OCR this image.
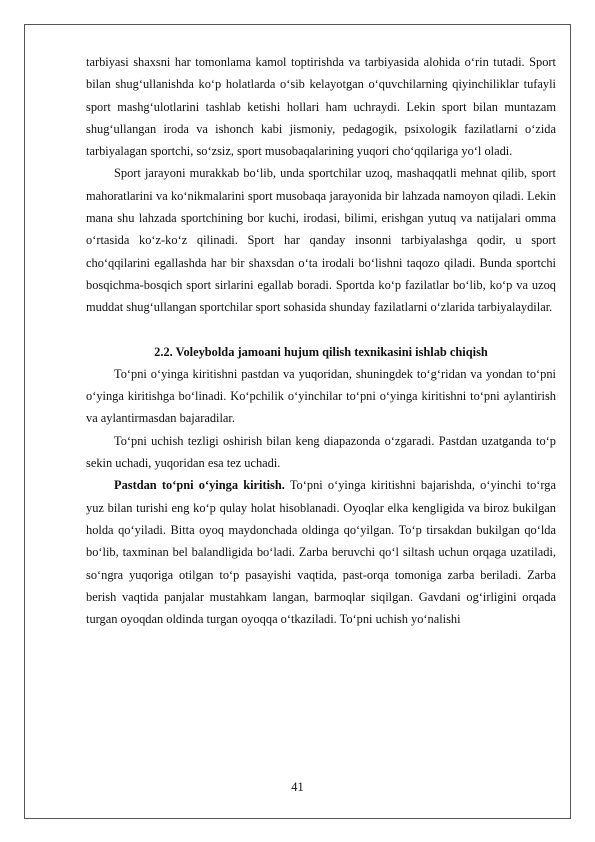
tarbiyasi shaxsni har tomonlama kamol toptirishda va tarbiyasida alohida o‘rin tutadi. Sport bilan shug‘ullanishda ko‘p holatlarda o‘sib kelayotgan o‘quvchilarning qiyinchiliklar tufayli sport mashg‘ulotlarini tashlab ketishi hollari ham uchraydi. Lekin sport bilan muntazam shug‘ullangan iroda va ishonch kabi jismoniy, pedagogik, psixologik fazilatlarni o‘zida tarbiyalagan sportchi, so‘zsiz, sport musobaqalarining yuqori cho‘qqilariga yo‘l oladi.

Sport jarayoni murakkab bo‘lib, unda sportchilar uzoq, mashaqqatli mehnat qilib, sport mahoratlarini va ko‘nikmalarini sport musobaqa jarayonida bir lahzada namoyon qiladi. Lekin mana shu lahzada sportchining bor kuchi, irodasi, bilimi, erishgan yutuq va natijalari omma o‘rtasida ko‘z-ko‘z qilinadi. Sport har qanday insonni tarbiyalashga qodir, u sport cho‘qqilarini egallashda har bir shaxsdan o‘ta irodali bo‘lishni taqozo qiladi. Bunda sportchi bosqichma-bosqich sport sirlarini egallab boradi. Sportda ko‘p fazilatlar bo‘lib, ko‘p va uzoq muddat shug‘ullangan sportchilar sport sohasida shunday fazilatlarni o‘zlarida tarbiyalaydilar.

2.2. Voleybolda jamoani hujum qilish texnikasini ishlab chiqish

To‘pni o‘yinga kiritishni pastdan va yuqoridan, shuningdek to‘g‘ridan va yondan to‘pni o‘yinga kiritishga bo‘linadi. Ko‘pchilik o‘yinchilar to‘pni o‘yinga kiritishni to‘pni aylantirish va aylantirmasdan bajaradilar.

To‘pni uchish tezligi oshirish bilan keng diapazonda o‘zgaradi. Pastdan uzatganda to‘p sekin uchadi, yuqoridan esa tez uchadi.

Pastdan to‘pni o‘yinga kiritish. To‘pni o‘yinga kiritishni bajarishda, o‘yinchi to‘rga yuz bilan turishi eng ko‘p qulay holat hisoblanadi. Oyoqlar elka kengligida va biroz bukilgan holda qo‘yiladi. Bitta oyoq maydonchada oldinga qo‘yilgan. To‘p tirsakdan bukilgan qo‘lda bo‘lib, taxminan bel balandligida bo‘ladi. Zarba beruvchi qo‘l siltash uchun orqaga uzatiladi, so‘ngra yuqoriga otilgan to‘p pasayishi vaqtida, past-orqa tomoniga zarba beriladi. Zarba berish vaqtida panjalar mustahkam langan, barmoqlar siqilgan. Gavdani og‘irligini orqada turgan oyoqdan oldinda turgan oyoqqa o‘tkaziladi. To‘pni uchish yo‘nalishi

41
